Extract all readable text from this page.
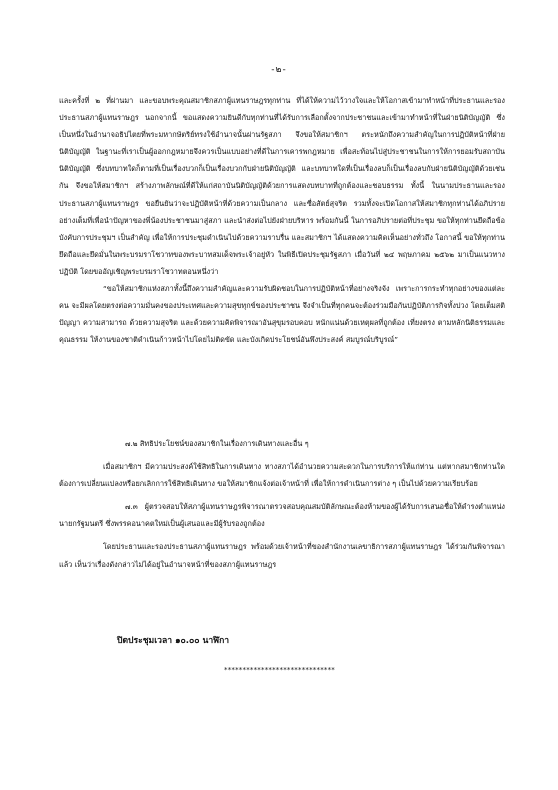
-๒-

และครั้งที่ ๒ ที่ผ่านมา และขอบพระคุณสมาชิกสภาผู้แทนราษฎรทุกท่าน ที่ได้ให้ความไว้วางใจและให้โอกาสเข้ามาทำหน้าที่ประธานและรองประธานสภาผู้แทนราษฎร นอกจากนี้ ขอแสดงความยินดีกับทุกท่านที่ได้รับการเลือกตั้งจากประชาชนและเข้ามาทำหน้าที่ในฝ่ายนิติบัญญัติ ซึ่งเป็นหนึ่งในอำนาจอธิปไตยที่พระมหากษัตริย์ทรงใช้อำนาจนั้นผ่านรัฐสภา จึงขอให้สมาชิกฯ ตระหนักถึงความสำคัญในการปฏิบัติหน้าที่ฝ่ายนิติบัญญัติ ในฐานะที่เราเป็นผู้ออกกฎหมายจึงควรเป็นแบบอย่างที่ดีในการเคารพกฎหมาย เพื่อสะท้อนไปสู่ประชาชนในการให้การยอมรับสถาบันนิติบัญญัติ ซึ่งบทบาทใดก็ตามที่เป็นเรื่องบวกก็เป็นเรื่องบวกกับฝ่ายนิติบัญญัติ และบทบาทใดที่เป็นเรื่องลบก็เป็นเรื่องลบกับฝ่ายนิติบัญญัติด้วยเช่นกัน จึงขอให้สมาชิกฯ สร้างภาพลักษณ์ที่ดีให้แก่สถาบันนิติบัญญัติด้วยการแสดงบทบาทที่ถูกต้องและชอบธรรม ทั้งนี้ ในนามประธานและรองประธานสภาผู้แทนราษฎร ขอยืนยันว่าจะปฏิบัติหน้าที่ด้วยความเป็นกลาง และซื่อสัตย์สุจริต รวมทั้งจะเปิดโอกาสให้สมาชิกทุกท่านได้อภิปรายอย่างเต็มที่เพื่อนำปัญหาของพี่น้องประชาชนมาสู่สภา และนำส่งต่อไปยังฝ่ายบริหาร พร้อมกันนี้ ในการอภิปรายต่อที่ประชุม ขอให้ทุกท่านยึดถือข้อบังคับการประชุมฯ เป็นสำคัญ เพื่อให้การประชุมดำเนินไปด้วยความราบรื่น และสมาชิกฯ ได้แสดงความคิดเห็นอย่างทั่วถึง โอกาสนี้ ขอให้ทุกท่านยึดถือและยึดมั่นในพระบรมราโชวาทของพระบาทสมเด็จพระเจ้าอยู่หัว ในพิธีเปิดประชุมรัฐสภา เมื่อวันที่ ๒๔ พฤษภาคม ๒๕๖๒ มาเป็นแนวทางปฏิบัติ โดยขออัญเชิญพระบรมราโชวาทตอนหนึ่งว่า

“ขอให้สมาชิกแห่งสภาทั้งนี้ถึงความสำคัญและความรับผิดชอบในการปฏิบัติหน้าที่อย่างจริงจัง เพราะการกระทำทุกอย่างของแต่ละคน จะมีผลโดยตรงต่อความมั่นคงของประเทศและความสุขทุกข์ของประชาชน จึงจำเป็นที่ทุกคนจะต้องร่วมมือกันปฏิบัติภารกิจทั้งปวง โดยเต็มสติปัญญา ความสามารถ ด้วยความสุจริต และด้วยความคิดพิจารณาอันสุขุมรอบคอบ หนักแน่นด้วยเหตุผลที่ถูกต้อง เที่ยงตรง ตามหลักนิติธรรมและคุณธรรม ให้งานของชาติดำเนินก้าวหน้าไปโดยไม่ติดขัด และบังเกิดประโยชน์อันพึงประสงค์ สมบูรณ์บริบูรณ์”

๗.๒ สิทธิประโยชน์ของสมาชิกในเรื่องการเดินทางและอื่น ๆ

เมื่อสมาชิกฯ มีความประสงค์ใช้สิทธิในการเดินทาง ทางสภาได้อำนวยความสะดวกในการบริการให้แก่ท่าน แต่หากสมาชิกท่านใดต้องการเปลี่ยนแปลงหรือยกเลิกการใช้สิทธิเดินทาง ขอให้สมาชิกแจ้งต่อเจ้าหน้าที่ เพื่อให้การดำเนินการต่าง ๆ เป็นไปด้วยความเรียบร้อย

๗.๓ ผู้ตรวจสอบให้สภาผู้แทนราษฎรพิจารณาตรวจสอบคุณสมบัติลักษณะต้องห้ามของผู้ได้รับการเสนอชื่อให้ดำรงตำแหน่งนายกรัฐมนตรี ซึ่งพรรคอนาคตใหม่เป็นผู้เสนอและมีผู้รับรองถูกต้อง

โดยประธานและรองประธานสภาผู้แทนราษฎร พร้อมด้วยเจ้าหน้าที่ของสำนักงานเลขาธิการสภาผู้แทนราษฎร ได้ร่วมกันพิจารณาแล้ว เห็นว่าเรื่องดังกล่าวไม่ได้อยู่ในอำนาจหน้าที่ของสภาผู้แทนราษฎร

ปิดประชุมเวลา ๑๐.๐๐ นาฬิกา
******************************
